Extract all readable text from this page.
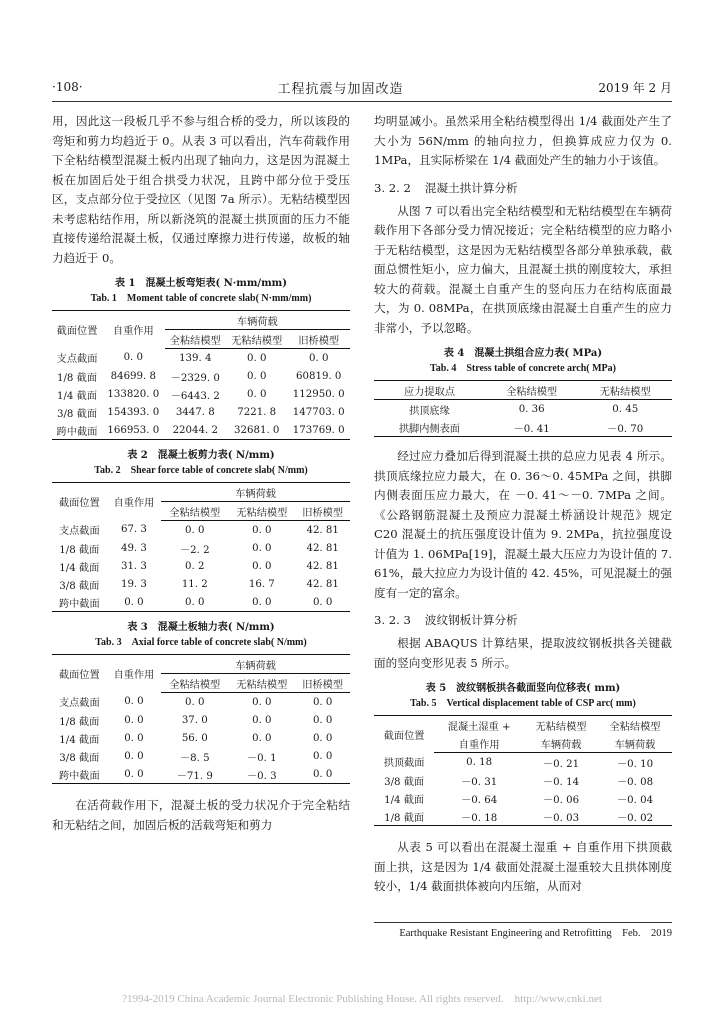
·108·	工程抗震与加固改造	2019 年 2 月

用，因此这一段板几乎不参与组合桥的受力，所以该段的弯矩和剪力均趋近于 0。从表 3 可以看出，汽车荷载作用下全粘结模型混凝土板内出现了轴向力，这是因为混凝土板在加固后处于组合拱受力状况，且跨中部分位于受压区，支点部分位于受拉区（见图 7a 所示）。无粘结模型因未考虑粘结作用，所以新浇筑的混凝土拱顶面的压力不能直接传递给混凝土板，仅通过摩擦力进行传递，故板的轴力趋近于 0。

表 1　混凝土板弯矩表( N·mm/mm)
Tab. 1　Moment table of concrete slab( N·mm/mm)
截面位置	自重作用	车辆荷载		
		全粘结模型	无粘结模型	旧桥模型
支点截面	0. 0	139. 4	0. 0	0. 0
1/8 截面	84699. 8	－2329. 0	0. 0	60819. 0
1/4 截面	133820. 0	－6443. 2	0. 0	112950. 0
3/8 截面	154393. 0	3447. 8	7221. 8	147703. 0
跨中截面	166953. 0	22044. 2	32681. 0	173769. 0
表 2　混凝土板剪力表( N/mm)
Tab. 2　Shear force table of concrete slab( N/mm)
截面位置	自重作用	车辆荷载		
		全粘结模型	无粘结模型	旧桥模型
支点截面	67. 3	0. 0	0. 0	42. 81
1/8 截面	49. 3	－2. 2	0. 0	42. 81
1/4 截面	31. 3	0. 2	0. 0	42. 81
3/8 截面	19. 3	11. 2	16. 7	42. 81
跨中截面	0. 0	0. 0	0. 0	0. 0
表 3　混凝土板轴力表( N/mm)
Tab. 3　Axial force table of concrete slab( N/mm)
截面位置	自重作用	车辆荷载		
		全粘结模型	无粘结模型	旧桥模型
支点截面	0. 0	0. 0	0. 0	0. 0
1/8 截面	0. 0	37. 0	0. 0	0. 0
1/4 截面	0. 0	56. 0	0. 0	0. 0
3/8 截面	0. 0	－8. 5	－0. 1	0. 0
跨中截面	0. 0	－71. 9	－0. 3	0. 0

在活荷载作用下，混凝土板的受力状况介于完全粘结和无粘结之间，加固后板的活载弯矩和剪力

均明显减小。虽然采用全粘结模型得出 1/4 截面处产生了大小为 56N/mm 的轴向拉力，但换算成应力仅为 0. 1MPa，且实际桥梁在 1/4 截面处产生的轴力小于该值。

3. 2. 2 混凝土拱计算分析

从图 7 可以看出完全粘结模型和无粘结模型在车辆荷载作用下各部分受力情况接近；完全粘结模型的应力略小于无粘结模型，这是因为无粘结模型各部分单独承载，截面总惯性矩小，应力偏大，且混凝土拱的刚度较大，承担较大的荷载。混凝土自重产生的竖向压力在结构底面最大，为 0. 08MPa，在拱顶底缘由混凝土自重产生的应力非常小，予以忽略。

表 4　混凝土拱组合应力表( MPa)
Tab. 4　Stress table of concrete arch( MPa)
应力提取点	全粘结模型	无粘结模型
拱顶底缘	0. 36	0. 45
拱脚内侧表面	－0. 41	－0. 70

经过应力叠加后得到混凝土拱的总应力见表 4 所示。拱顶底缘拉应力最大，在 0. 36～0. 45MPa 之间，拱脚内侧表面压应力最大，在 －0. 41～－0. 7MPa 之间。《公路钢筋混凝土及预应力混凝土桥涵设计规范》规定 C20 混凝土的抗压强度设计值为 9. 2MPa，抗拉强度设计值为 1. 06MPa[19]，混凝土最大压应力为设计值的 7. 61%，最大拉应力为设计值的 42. 45%，可见混凝土的强度有一定的富余。

3. 2. 3 波纹钢板计算分析

根据 ABAQUS 计算结果，提取波纹钢板拱各关键截面的竖向变形见表 5 所示。

表 5　波纹钢板拱各截面竖向位移表( mm)
Tab. 5　Vertical displacement table of CSP arc( mm)
截面位置	混凝土湿重 +	无粘结模型	全粘结模型
	自重作用	车辆荷载	车辆荷载
拱顶截面	0. 18	－0. 21	－0. 10
3/8 截面	－0. 31	－0. 14	－0. 08
1/4 截面	－0. 64	－0. 06	－0. 04
1/8 截面	－0. 18	－0. 03	－0. 02

从表 5 可以看出在混凝土湿重 + 自重作用下拱顶截面上拱，这是因为 1/4 截面处混凝土湿重较大且拱体刚度较小，1/4 截面拱体被向内压缩，从而对

Earthquake Resistant Engineering and Retrofitting　Feb.　2019
?1994-2019 China Academic Journal Electronic Publishing House. All rights reserved.　http://www.cnki.net
